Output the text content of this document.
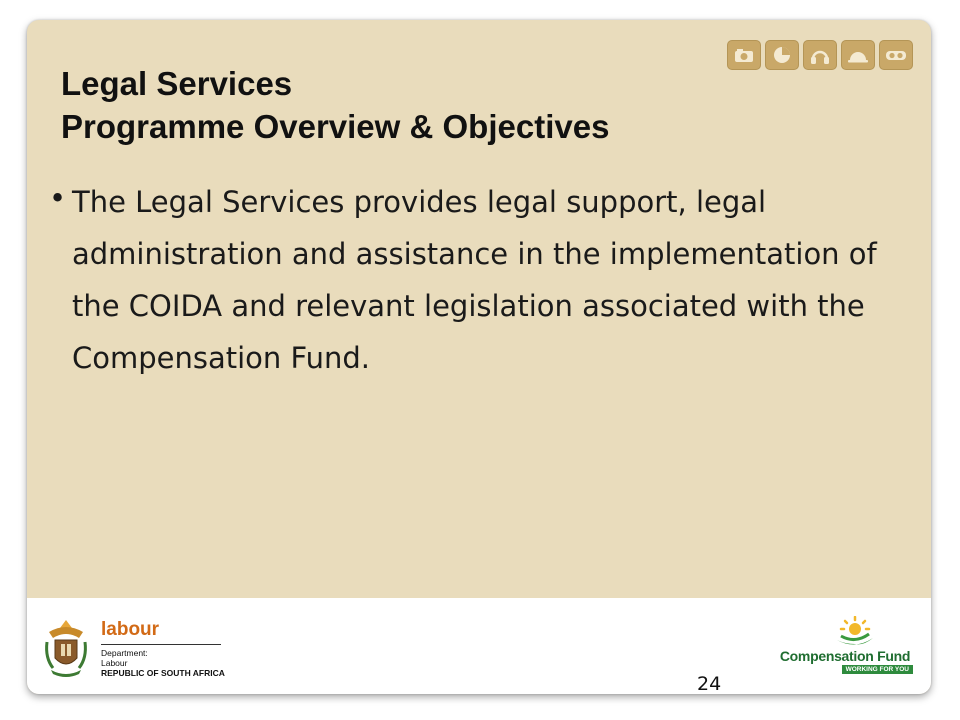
Legal Services
Programme Overview & Objectives
• The Legal Services provides legal support, legal administration and assistance in the implementation of the COIDA and relevant legislation associated with the Compensation Fund.
labour
Department:
Labour
REPUBLIC OF SOUTH AFRICA
Compensation Fund
WORKING FOR YOU
24
